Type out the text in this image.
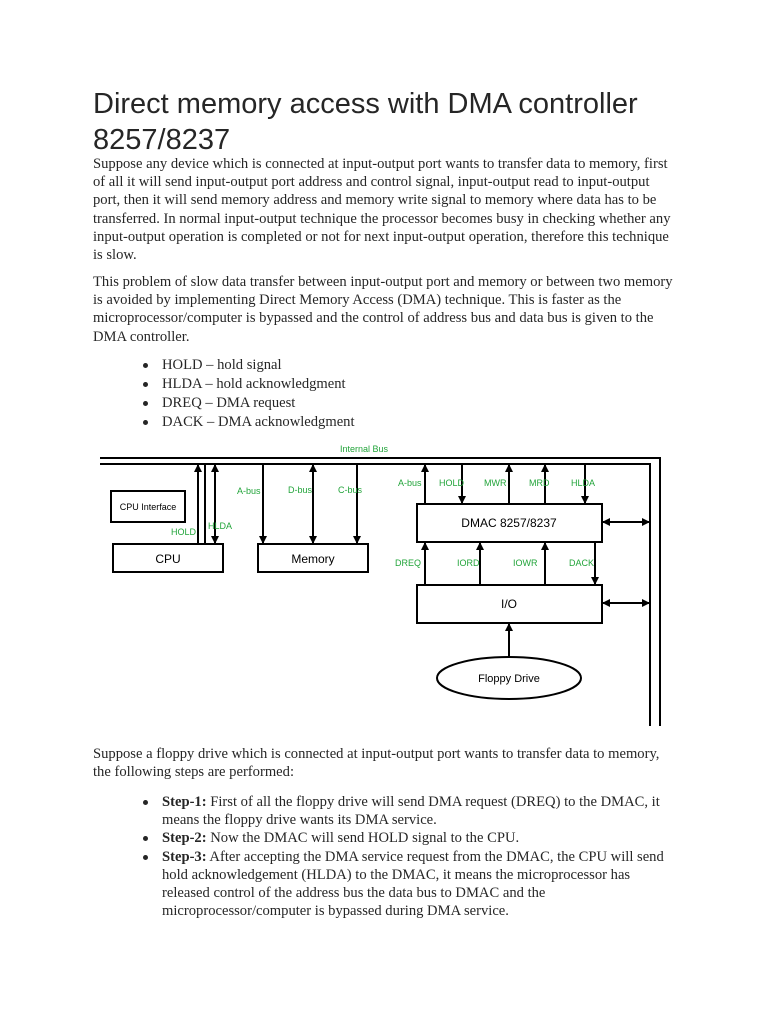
Direct memory access with DMA controller 8257/8237

Suppose any device which is connected at input-output port wants to transfer data to memory, first of all it will send input-output port address and control signal, input-output read to input-output port, then it will send memory address and memory write signal to memory where data has to be transferred. In normal input-output technique the processor becomes busy in checking whether any input-output operation is completed or not for next input-output operation, therefore this technique is slow.

This problem of slow data transfer between input-output port and memory or between two memory is avoided by implementing Direct Memory Access (DMA) technique. This is faster as the microprocessor/computer is bypassed and the control of address bus and data bus is given to the DMA controller.

HOLD – hold signal
HLDA – hold acknowledgment
DREQ – DMA request
DACK – DMA acknowledgment
Internal Bus
CPU Interface
CPU
HOLD
HLDA
Memory
A-bus	D-bus	C-bus
DMAC 8257/8237
A-bus HOLD MWR	MRD HLDA
I/O
DREQ	IORD	IOWR	DACK
Floppy Drive

Suppose a floppy drive which is connected at input-output port wants to transfer data to memory, the following steps are performed:

Step-1: First of all the floppy drive will send DMA request (DREQ) to the DMAC, it means the floppy drive wants its DMA service.
Step-2: Now the DMAC will send HOLD signal to the CPU.
Step-3: After accepting the DMA service request from the DMAC, the CPU will send hold acknowledgement (HLDA) to the DMAC, it means the microprocessor has released control of the address bus the data bus to DMAC and the microprocessor/computer is bypassed during DMA service.
